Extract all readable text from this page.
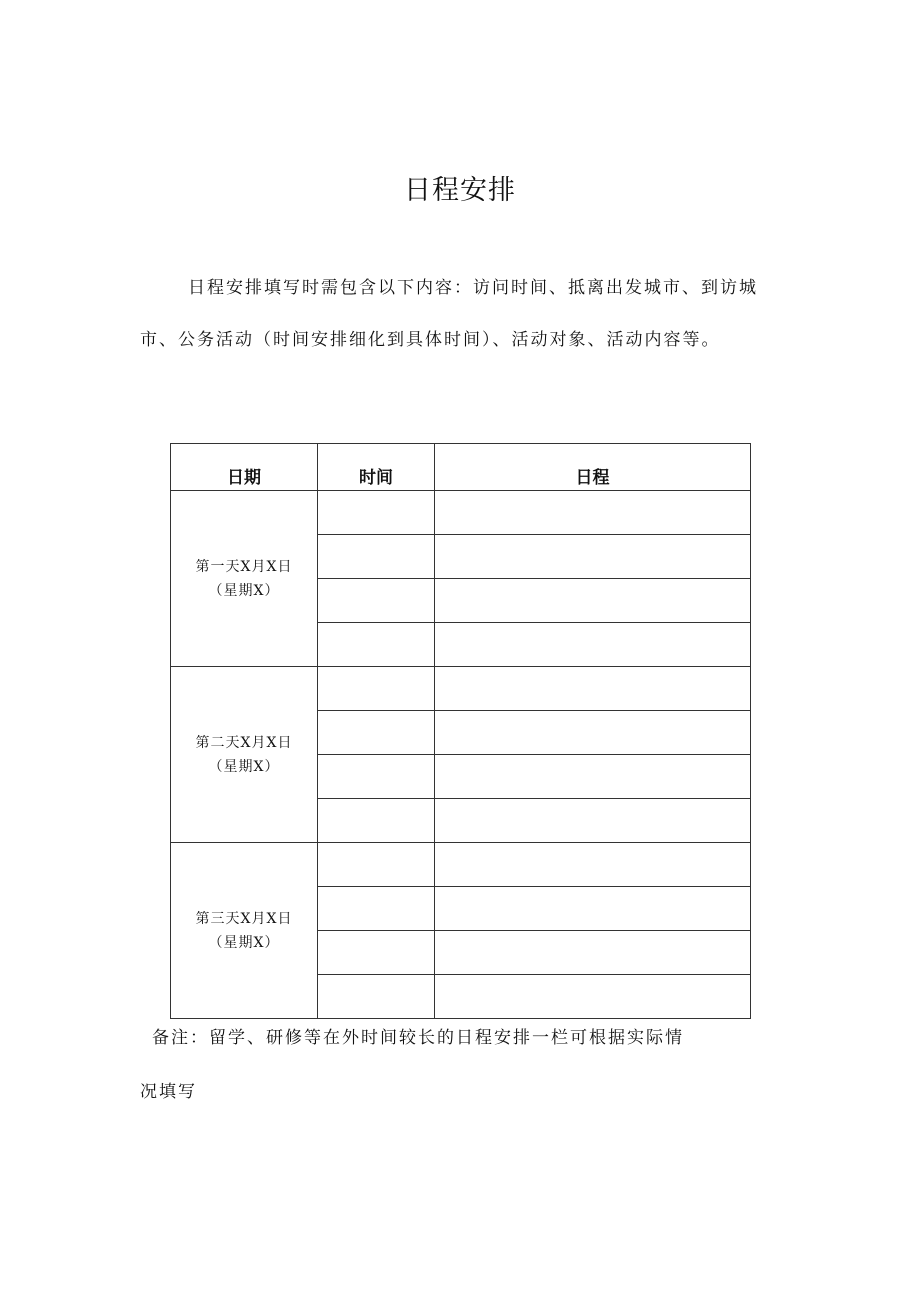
日程安排

日程安排填写时需包含以下内容：访问时间、抵离出发城市、到访城市、公务活动（时间安排细化到具体时间）、活动对象、活动内容等。

日期	时间	日程

第一天X月X日
（星期X）		

第二天X月X日
（星期X）		

第三天X月X日
（星期X）		

备注：留学、研修等在外时间较长的日程安排一栏可根据实际情
况填写
